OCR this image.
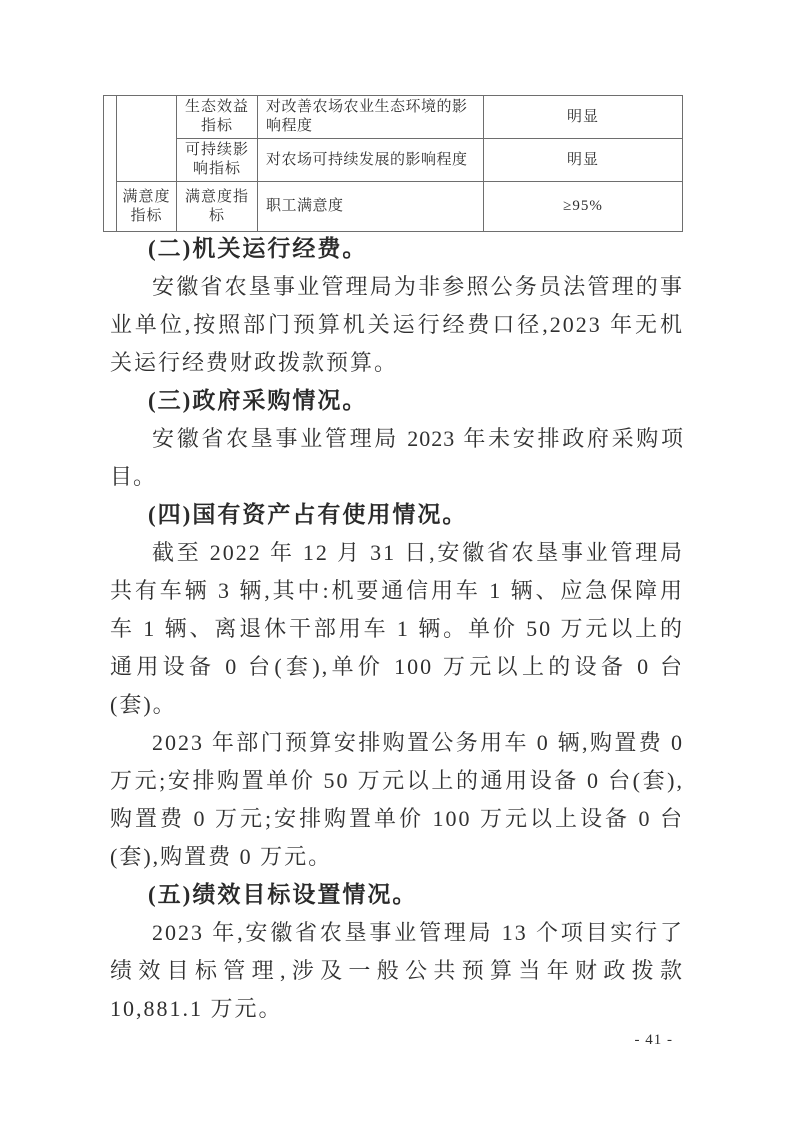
		生态效益指标	对改善农场农业生态环境的影响程度	明显
		可持续影响指标	对农场可持续发展的影响程度	明显
	满意度指标	满意度指标	职工满意度	≥95%
(二)机关运行经费。

安徽省农垦事业管理局为非参照公务员法管理的事业单位,按照部门预算机关运行经费口径,2023 年无机关运行经费财政拨款预算。

(三)政府采购情况。

安徽省农垦事业管理局 2023 年未安排政府采购项目。

(四)国有资产占有使用情况。

截至 2022 年 12 月 31 日,安徽省农垦事业管理局共有车辆 3 辆,其中:机要通信用车 1 辆、应急保障用车 1 辆、离退休干部用车 1 辆。单价 50 万元以上的通用设备 0 台(套),单价 100 万元以上的设备 0 台(套)。

2023 年部门预算安排购置公务用车 0 辆,购置费 0 万元;安排购置单价 50 万元以上的通用设备 0 台(套),购置费 0 万元;安排购置单价 100 万元以上设备 0 台(套),购置费 0 万元。

(五)绩效目标设置情况。

2023 年,安徽省农垦事业管理局 13 个项目实行了绩效目标管理,涉及一般公共预算当年财政拨款 10,881.1 万元。

- 41 -
